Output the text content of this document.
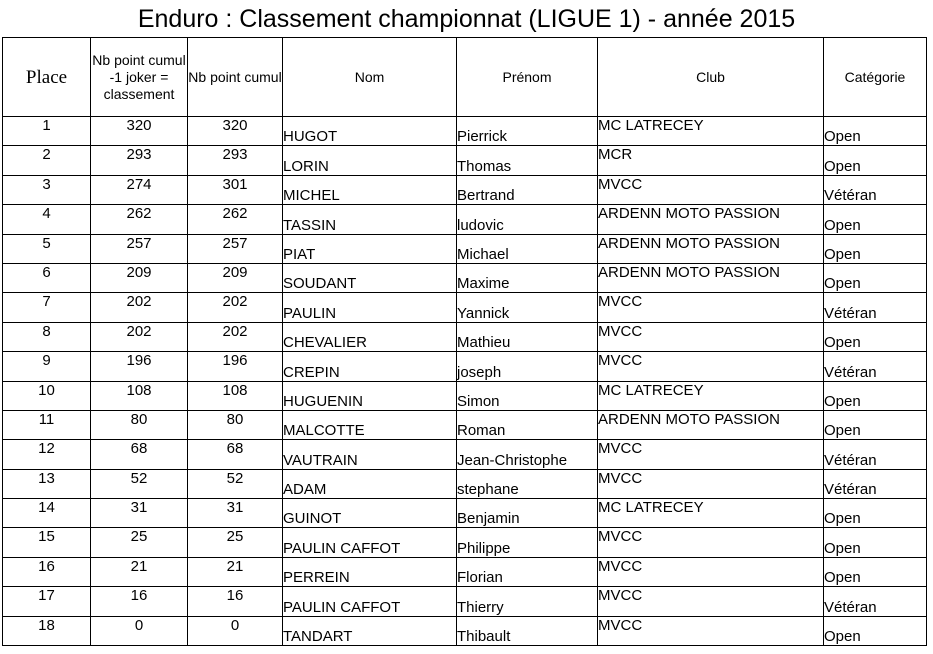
Enduro : Classement championnat (LIGUE 1) - année 2015
Place	Nb point cumul -1 joker = classement	Nb point cumul	Nom	Prénom	Club	Catégorie
1	320	320	HUGOT	Pierrick	MC LATRECEY	Open
2	293	293	LORIN	Thomas	MCR	Open
3	274	301	MICHEL	Bertrand	MVCC	Vétéran
4	262	262	TASSIN	ludovic	ARDENN MOTO PASSION	Open
5	257	257	PIAT	Michael	ARDENN MOTO PASSION	Open
6	209	209	SOUDANT	Maxime	ARDENN MOTO PASSION	Open
7	202	202	PAULIN	Yannick	MVCC	Vétéran
8	202	202	CHEVALIER	Mathieu	MVCC	Open
9	196	196	CREPIN	joseph	MVCC	Vétéran
10	108	108	HUGUENIN	Simon	MC LATRECEY	Open
11	80	80	MALCOTTE	Roman	ARDENN MOTO PASSION	Open
12	68	68	VAUTRAIN	Jean-Christophe	MVCC	Vétéran
13	52	52	ADAM	stephane	MVCC	Vétéran
14	31	31	GUINOT	Benjamin	MC LATRECEY	Open
15	25	25	PAULIN CAFFOT	Philippe	MVCC	Open
16	21	21	PERREIN	Florian	MVCC	Open
17	16	16	PAULIN CAFFOT	Thierry	MVCC	Vétéran
18	0	0	TANDART	Thibault	MVCC	Open
